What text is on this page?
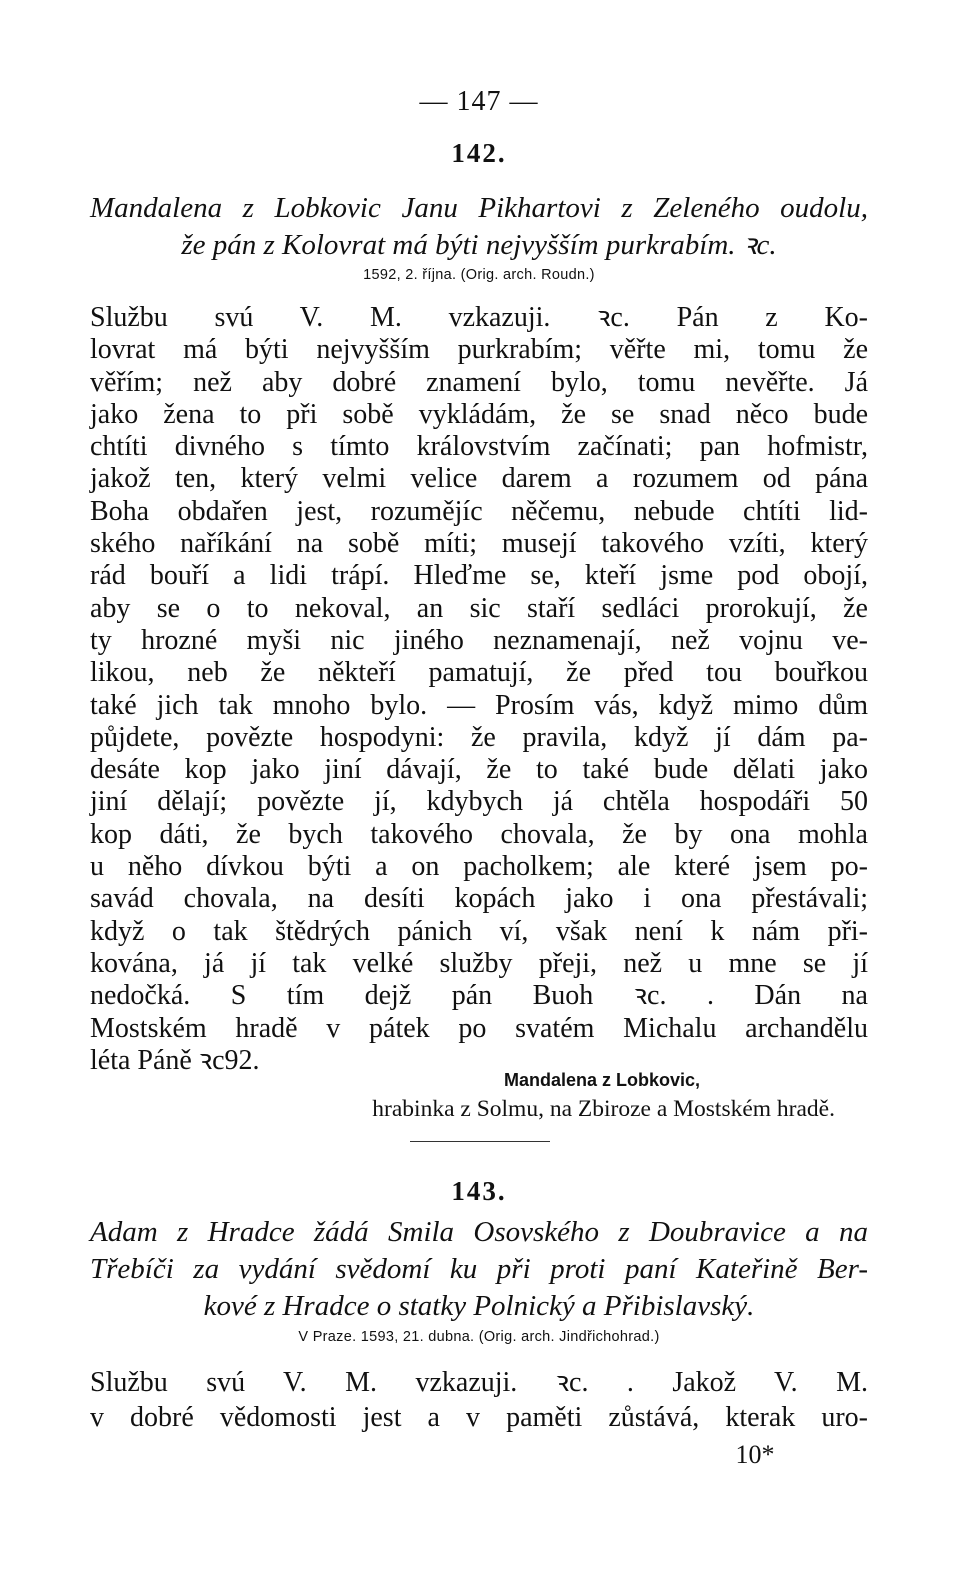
— 147 —
142.
Mandalena z Lobkovic Janu Pikhartovi z Zeleného oudolu,
že pán z Kolovrat má býti nejvyšším purkrabím. ꝛc.
1592, 2. října. (Orig. arch. Roudn.)
Službu svú V. M. vzkazuji. ꝛc. Pán z Ko-
lovrat má býti nejvyšším purkrabím; věřte mi, tomu že
věřím; než aby dobré znamení bylo, tomu nevěřte. Já
jako žena to při sobě vykládám, že se snad něco bude
chtíti divného s tímto královstvím začínati; pan hofmistr,
jakož ten, který velmi velice darem a rozumem od pána
Boha obdařen jest, rozumějíc něčemu, nebude chtíti lid-
ského naříkání na sobě míti; musejí takového vzíti, který
rád bouří a lidi trápí. Hleďme se, kteří jsme pod obojí,
aby se o to nekoval, an sic staří sedláci prorokují, že
ty hrozné myši nic jiného neznamenají, než vojnu ve-
likou, neb že někteří pamatují, že před tou bouřkou
také jich tak mnoho bylo. — Prosím vás, když mimo dům
půjdete, povězte hospodyni: že pravila, když jí dám pa-
desáte kop jako jiní dávají, že to také bude dělati jako
jiní dělají; povězte jí, kdybych já chtěla hospodáři 50
kop dáti, že bych takového chovala, že by ona mohla
u něho dívkou býti a on pacholkem; ale které jsem po-
savád chovala, na desíti kopách jako i ona přestávali;
když o tak štědrých pánich ví, však není k nám při-
kována, já jí tak velké služby přeji, než u mne se jí
nedočká. S tím dejž pán Buoh ꝛc. . Dán na
Mostském hradě v pátek po svatém Michalu archandělu
léta Páně ꝛc92.
Mandalena z Lobkovic,
hrabinka z Solmu, na Zbiroze a Mostském hradě.
143.
Adam z Hradce žádá Smila Osovského z Doubravice a na
Třebíči za vydání svědomí ku při proti paní Kateřině Ber-
kové z Hradce o statky Polnický a Přibislavský.
V Praze. 1593, 21. dubna. (Orig. arch. Jindřichohrad.)
Službu svú V. M. vzkazuji. ꝛc. . Jakož V. M.
v dobré vědomosti jest a v paměti zůstává, kterak uro-
10*
